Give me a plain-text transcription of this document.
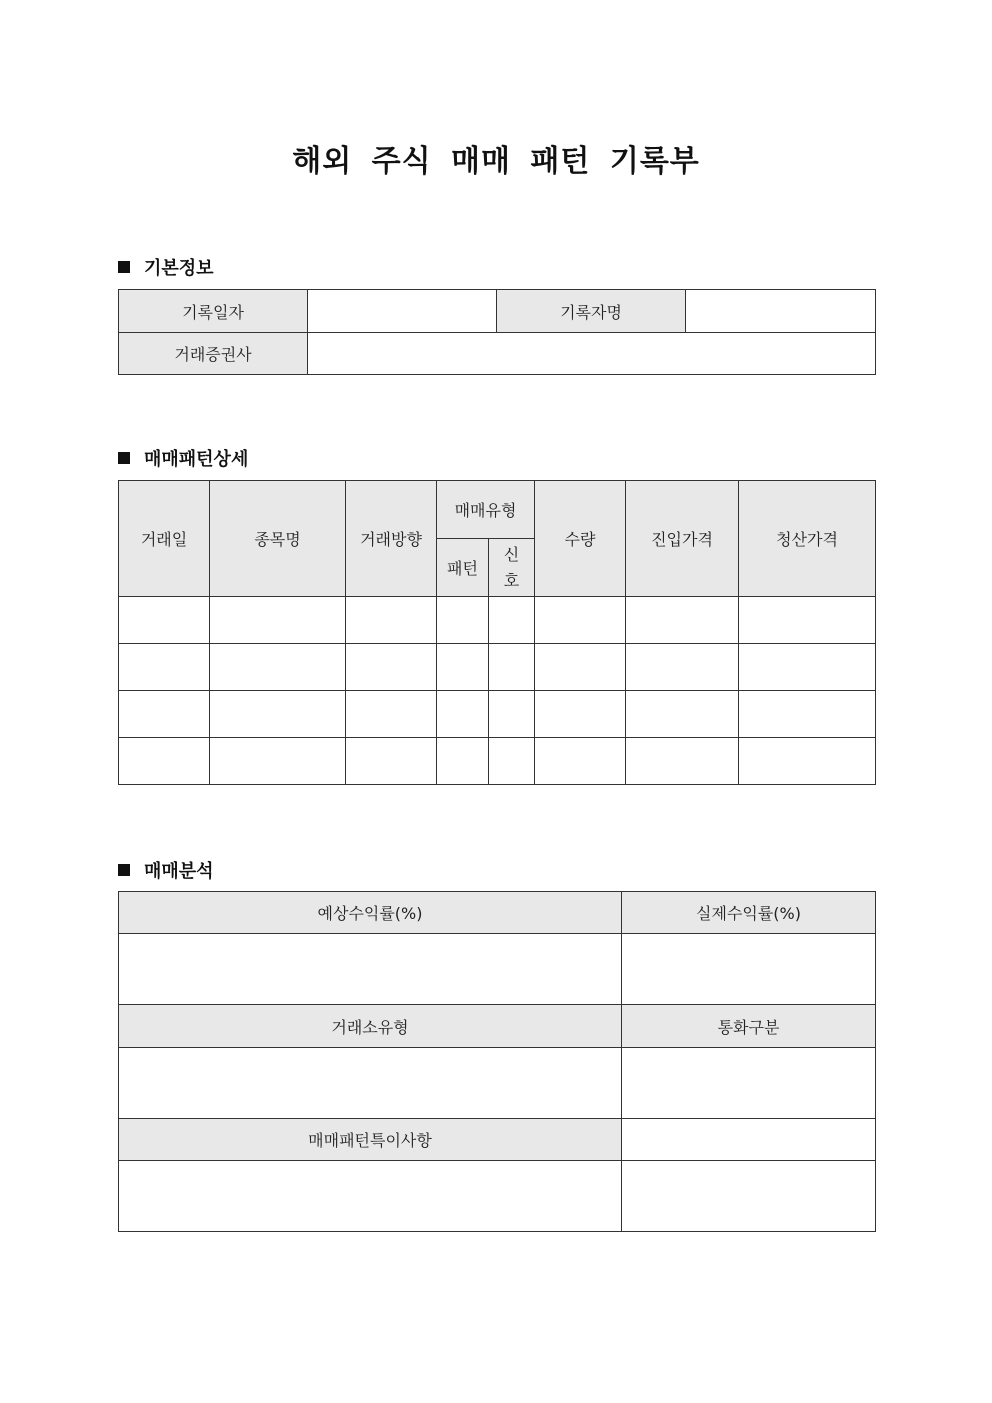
해외 주식 매매 패턴 기록부
기본정보
기록일자		기록자명	
거래증권사			
매매패턴상세
거래일	종목명	거래방향	매매유형		수량	진입가격	청산가격
			패턴	신호			

매매분석
예상수익률(%)	실제수익률(%)

거래소유형	통화구분

매매패턴특이사항	
